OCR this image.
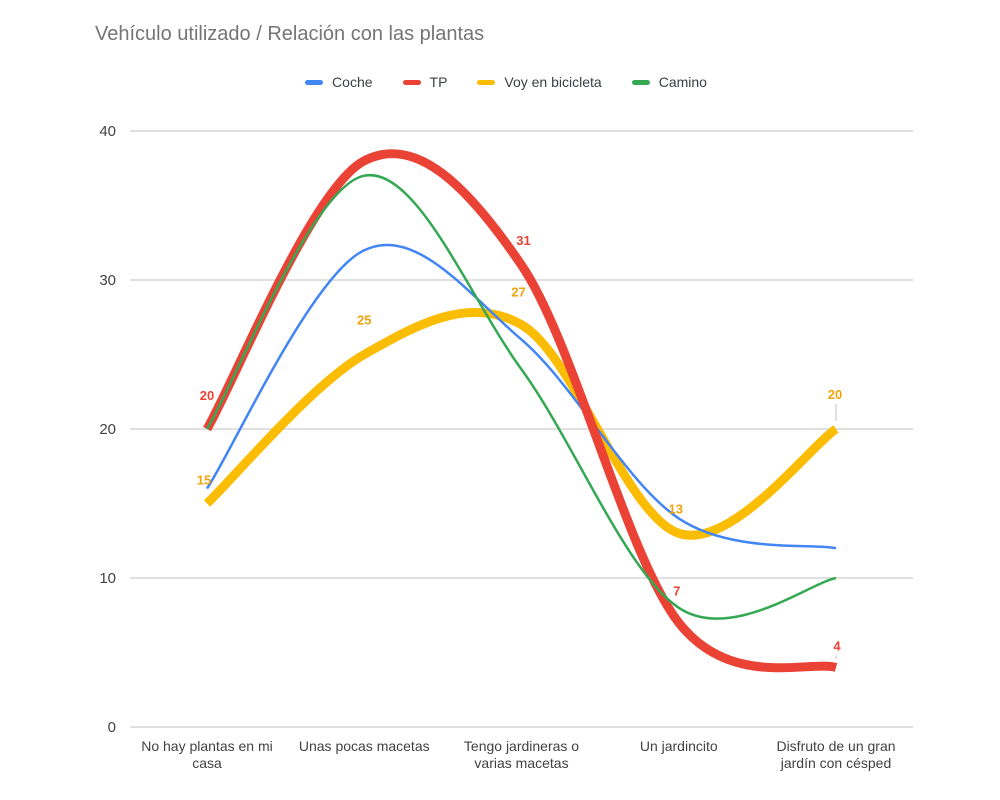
Vehículo utilizado / Relación con las plantas
Coche	TP	Voy en bicicleta	Camino
0
10
20
30
40
No hay plantas en mi
casa
Unas pocas macetas Tengo jardineras o
varias macetas
Un jardincito	Disfruto de un gran
jardín con césped
20
31
7
4
15
25
27
13
20
